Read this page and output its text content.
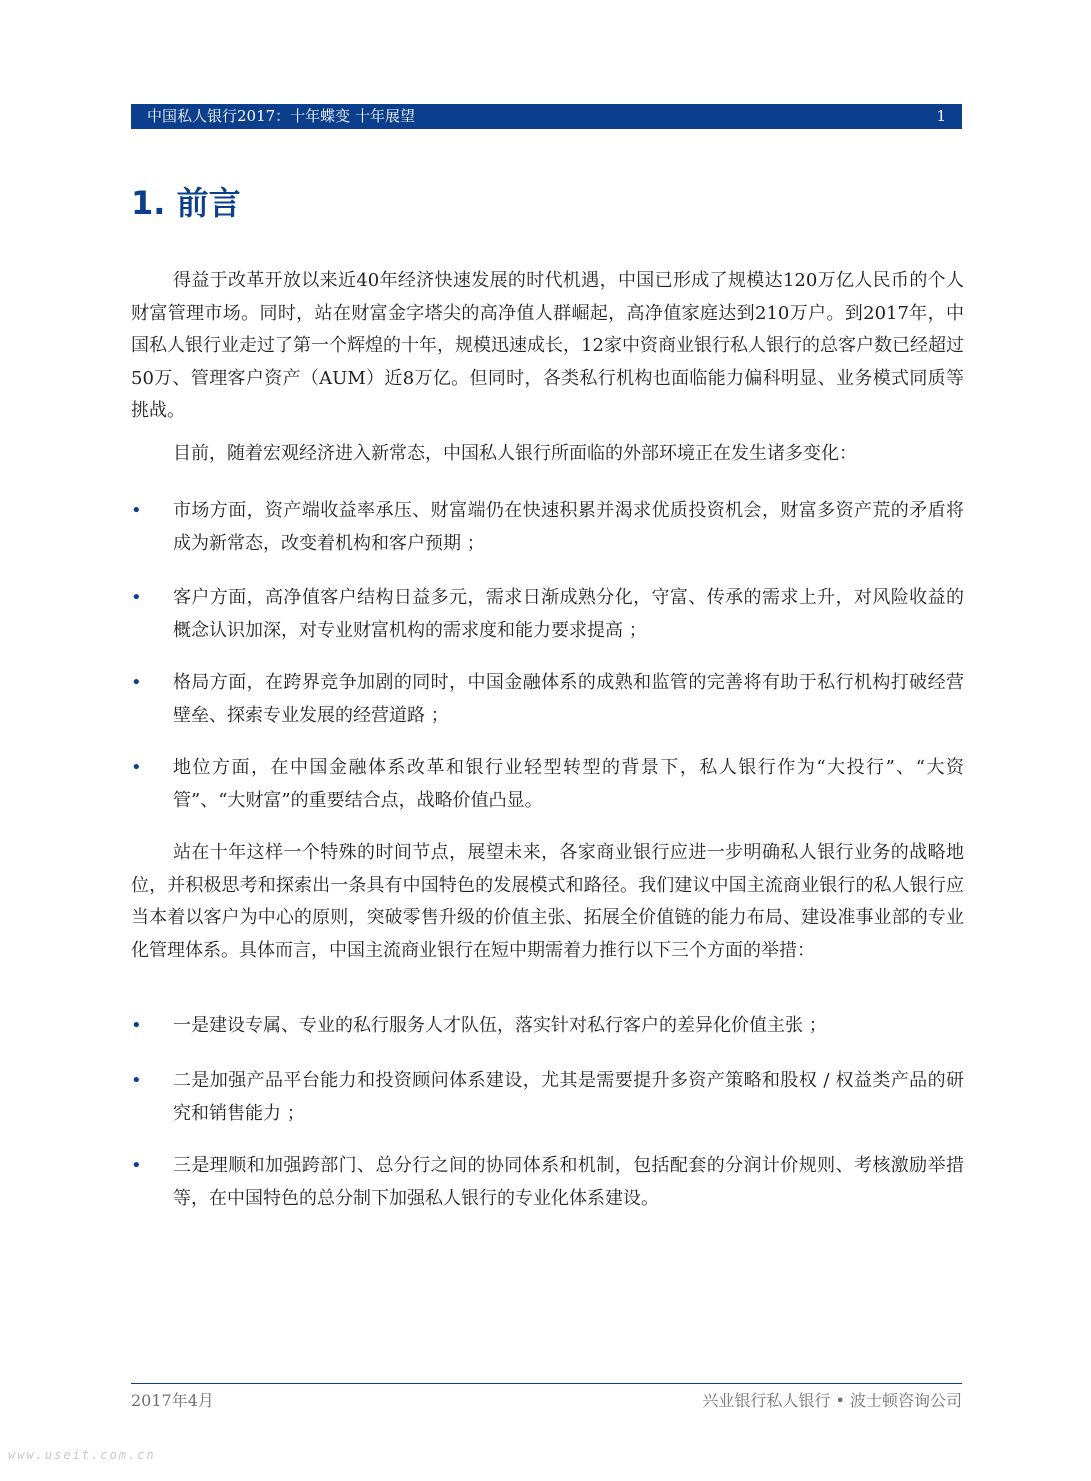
中国私人银行2017：十年蝶变 十年展望	1
1. 前言

得益于改革开放以来近40年经济快速发展的时代机遇，中国已形成了规模达120万亿人民币的个人财富管理市场。同时，站在财富金字塔尖的高净值人群崛起，高净值家庭达到210万户。到2017年，中国私人银行业走过了第一个辉煌的十年，规模迅速成长，12家中资商业银行私人银行的总客户数已经超过50万、管理客户资产（AUM）近8万亿。但同时，各类私行机构也面临能力偏科明显、业务模式同质等挑战。

目前，随着宏观经济进入新常态，中国私人银行所面临的外部环境正在发生诸多变化：

•	市场方面，资产端收益率承压、财富端仍在快速积累并渴求优质投资机会，财富多资产荒的矛盾将成为新常态，改变着机构和客户预期 ；
•	客户方面，高净值客户结构日益多元，需求日渐成熟分化，守富、传承的需求上升，对风险收益的概念认识加深，对专业财富机构的需求度和能力要求提高 ；
•	格局方面，在跨界竞争加剧的同时，中国金融体系的成熟和监管的完善将有助于私行机构打破经营壁垒、探索专业发展的经营道路 ；
•	地位方面，在中国金融体系改革和银行业轻型转型的背景下，私人银行作为“大投行”、“大资管”、“大财富”的重要结合点，战略价值凸显。

站在十年这样一个特殊的时间节点，展望未来，各家商业银行应进一步明确私人银行业务的战略地位，并积极思考和探索出一条具有中国特色的发展模式和路径。我们建议中国主流商业银行的私人银行应当本着以客户为中心的原则，突破零售升级的价值主张、拓展全价值链的能力布局、建设准事业部的专业化管理体系。具体而言，中国主流商业银行在短中期需着力推行以下三个方面的举措：

•	一是建设专属、专业的私行服务人才队伍，落实针对私行客户的差异化价值主张 ；
•	二是加强产品平台能力和投资顾问体系建设，尤其是需要提升多资产策略和股权 / 权益类产品的研究和销售能力 ；
•	三是理顺和加强跨部门、总分行之间的协同体系和机制，包括配套的分润计价规则、考核激励举措等，在中国特色的总分制下加强私人银行的专业化体系建设。
2017年4月	兴业银行私人银行 • 波士顿咨询公司
www.useit.com.cn
